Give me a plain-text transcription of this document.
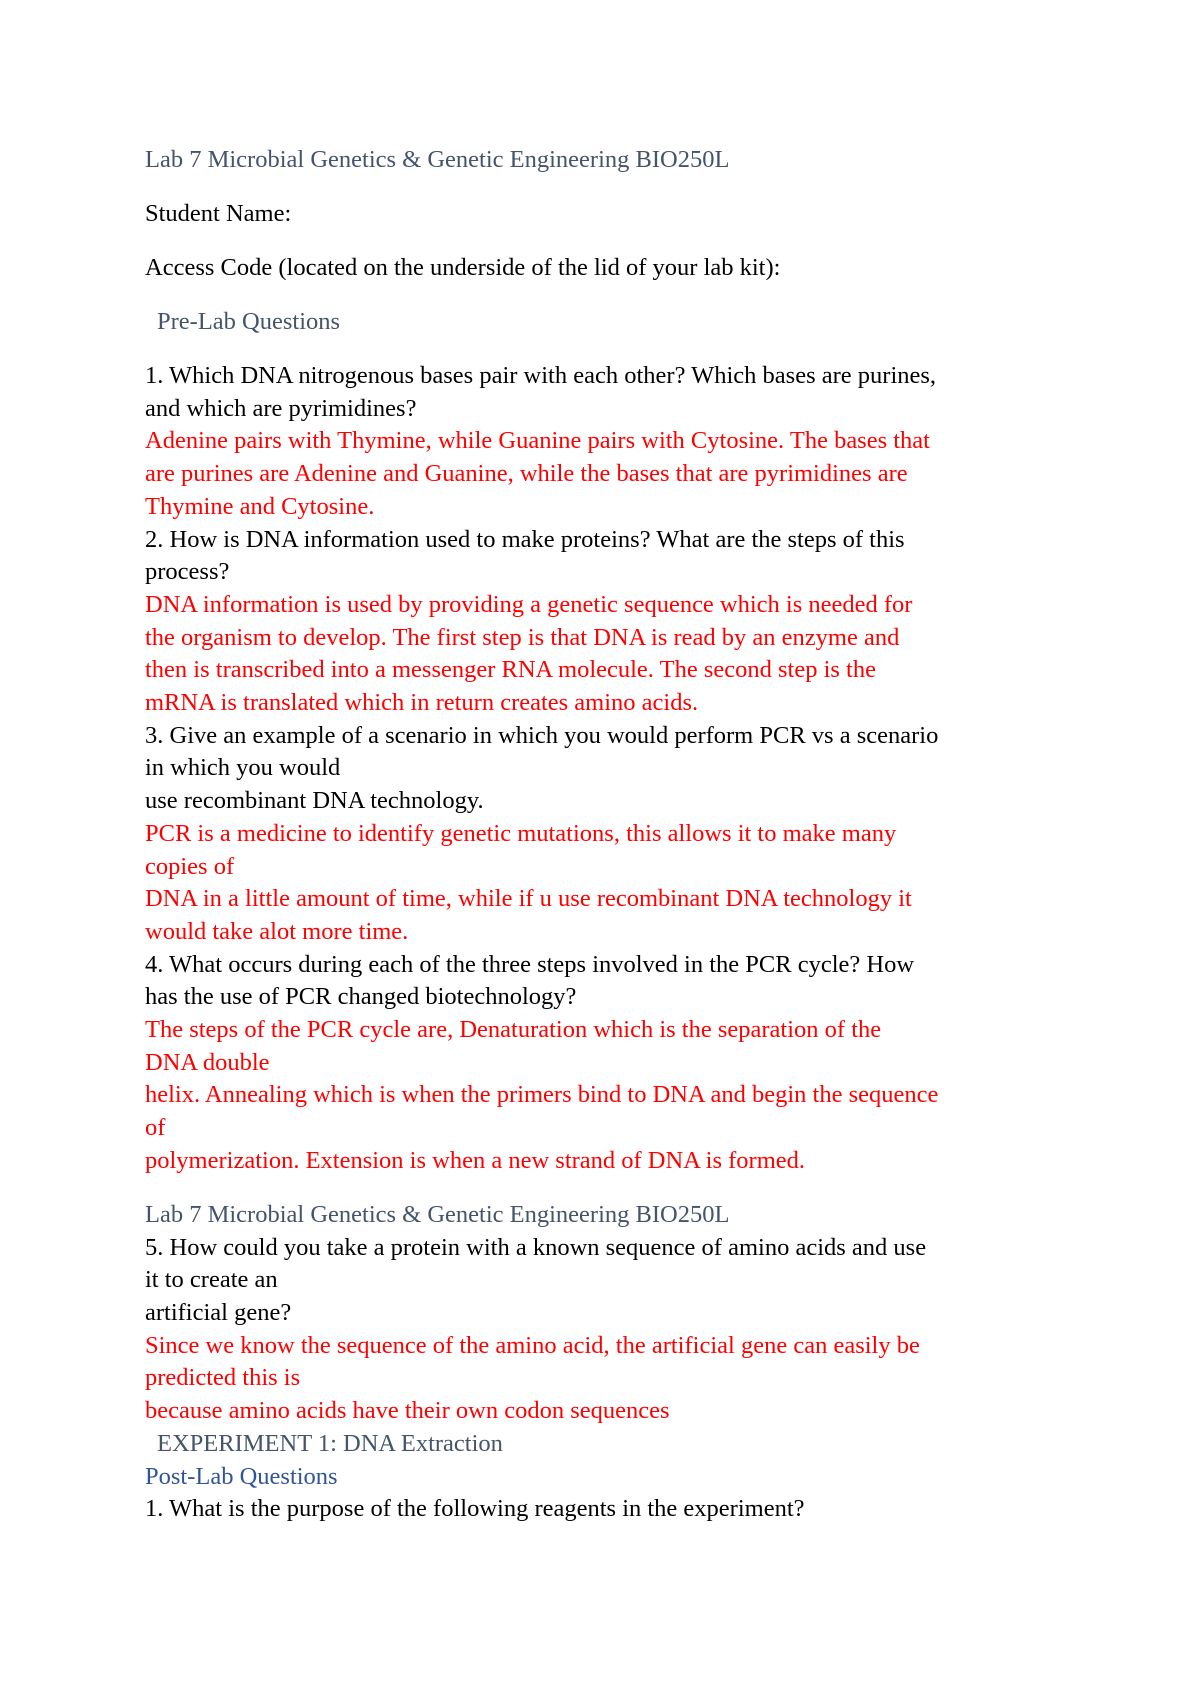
Lab 7 Microbial Genetics & Genetic Engineering BIO250L
Student Name:
Access Code (located on the underside of the lid of your lab kit):
Pre-Lab Questions
1. Which DNA nitrogenous bases pair with each other? Which bases are purines,
and which are pyrimidines?
Adenine pairs with Thymine, while Guanine pairs with Cytosine. The bases that
are purines are Adenine and Guanine, while the bases that are pyrimidines are
Thymine and Cytosine.
2. How is DNA information used to make proteins? What are the steps of this
process?
DNA information is used by providing a genetic sequence which is needed for
the organism to develop. The first step is that DNA is read by an enzyme and
then is transcribed into a messenger RNA molecule. The second step is the
mRNA is translated which in return creates amino acids.
3. Give an example of a scenario in which you would perform PCR vs a scenario
in which you would
use recombinant DNA technology.
PCR is a medicine to identify genetic mutations, this allows it to make many
copies of
DNA in a little amount of time, while if u use recombinant DNA technology it
would take alot more time.
4. What occurs during each of the three steps involved in the PCR cycle? How
has the use of PCR changed biotechnology?
The steps of the PCR cycle are, Denaturation which is the separation of the
DNA double
helix. Annealing which is when the primers bind to DNA and begin the sequence
of
polymerization. Extension is when a new strand of DNA is formed.
Lab 7 Microbial Genetics & Genetic Engineering BIO250L
5. How could you take a protein with a known sequence of amino acids and use
it to create an
artificial gene?
Since we know the sequence of the amino acid, the artificial gene can easily be
predicted this is
because amino acids have their own codon sequences
EXPERIMENT 1: DNA Extraction
Post-Lab Questions
1. What is the purpose of the following reagents in the experiment?
